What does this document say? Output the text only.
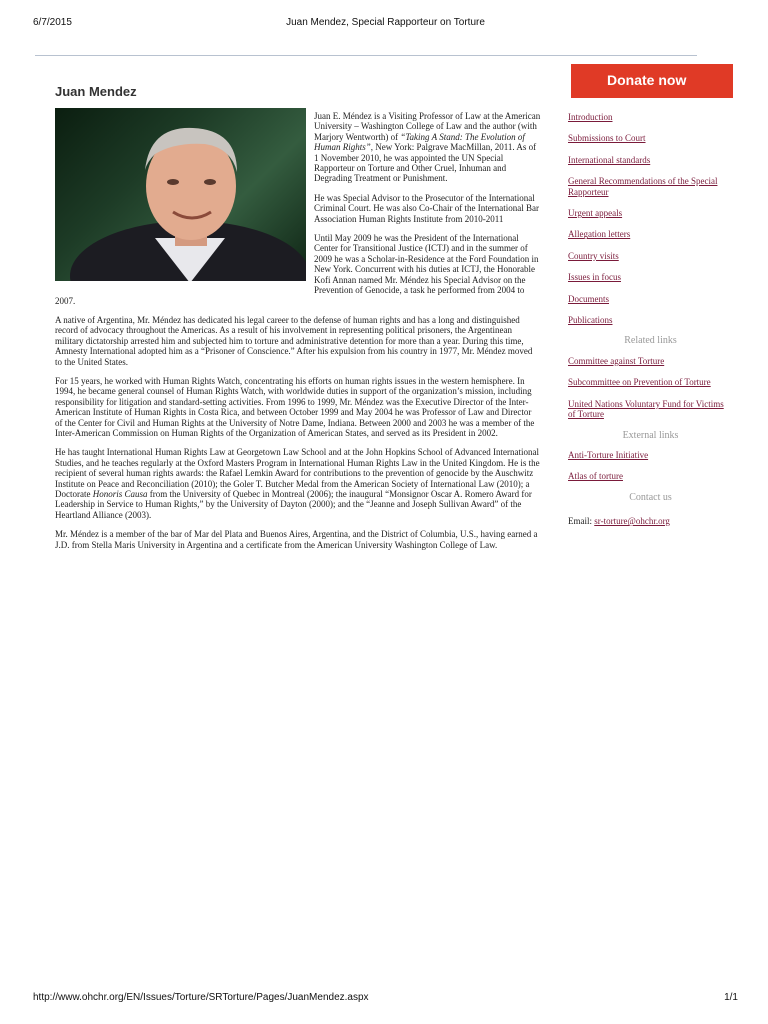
6/7/2015	Juan Mendez, Special Rapporteur on Torture
Donate now
Juan Mendez

Juan E. Méndez is a Visiting Professor of Law at the American University – Washington College of Law and the author (with Marjory Wentworth) of “Taking A Stand: The Evolution of Human Rights”, New York: Palgrave MacMillan, 2011. As of 1 November 2010, he was appointed the UN Special Rapporteur on Torture and Other Cruel, Inhuman and Degrading Treatment or Punishment.

He was Special Advisor to the Prosecutor of the International Criminal Court. He was also Co-Chair of the International Bar Association Human Rights Institute from 2010-2011

Until May 2009 he was the President of the International Center for Transitional Justice (ICTJ) and in the summer of 2009 he was a Scholar-in-Residence at the Ford Foundation in New York. Concurrent with his duties at ICTJ, the Honorable Kofi Annan named Mr. Méndez his Special Advisor on the Prevention of Genocide, a task he performed from 2004 to 2007.

A native of Argentina, Mr. Méndez has dedicated his legal career to the defense of human rights and has a long and distinguished record of advocacy throughout the Americas. As a result of his involvement in representing political prisoners, the Argentinean military dictatorship arrested him and subjected him to torture and administrative detention for more than a year. During this time, Amnesty International adopted him as a “Prisoner of Conscience.” After his expulsion from his country in 1977, Mr. Méndez moved to the United States.

For 15 years, he worked with Human Rights Watch, concentrating his efforts on human rights issues in the western hemisphere. In 1994, he became general counsel of Human Rights Watch, with worldwide duties in support of the organization’s mission, including responsibility for litigation and standard-setting activities. From 1996 to 1999, Mr. Méndez was the Executive Director of the Inter-American Institute of Human Rights in Costa Rica, and between October 1999 and May 2004 he was Professor of Law and Director of the Center for Civil and Human Rights at the University of Notre Dame, Indiana. Between 2000 and 2003 he was a member of the Inter-American Commission on Human Rights of the Organization of American States, and served as its President in 2002.

He has taught International Human Rights Law at Georgetown Law School and at the John Hopkins School of Advanced International Studies, and he teaches regularly at the Oxford Masters Program in International Human Rights Law in the United Kingdom. He is the recipient of several human rights awards: the Rafael Lemkin Award for contributions to the prevention of genocide by the Auschwitz Institute on Peace and Reconciliation (2010); the Goler T. Butcher Medal from the American Society of International Law (2010); a Doctorate Honoris Causa from the University of Quebec in Montreal (2006); the inaugural “Monsignor Oscar A. Romero Award for Leadership in Service to Human Rights,” by the University of Dayton (2000); and the “Jeanne and Joseph Sullivan Award” of the Heartland Alliance (2003).

Mr. Méndez is a member of the bar of Mar del Plata and Buenos Aires, Argentina, and the District of Columbia, U.S., having earned a J.D. from Stella Maris University in Argentina and a certificate from the American University Washington College of Law.

Introduction
Submissions to Court
International standards
General Recommendations of the Special Rapporteur
Urgent appeals
Allegation letters
Country visits
Issues in focus
Documents
Publications
Related links
Committee against Torture
Subcommittee on Prevention of Torture
United Nations Voluntary Fund for Victims of Torture
External links
Anti-Torture Initiative
Atlas of torture
Contact us
Email: sr-torture@ohchr.org
http://www.ohchr.org/EN/Issues/Torture/SRTorture/Pages/JuanMendez.aspx	1/1
